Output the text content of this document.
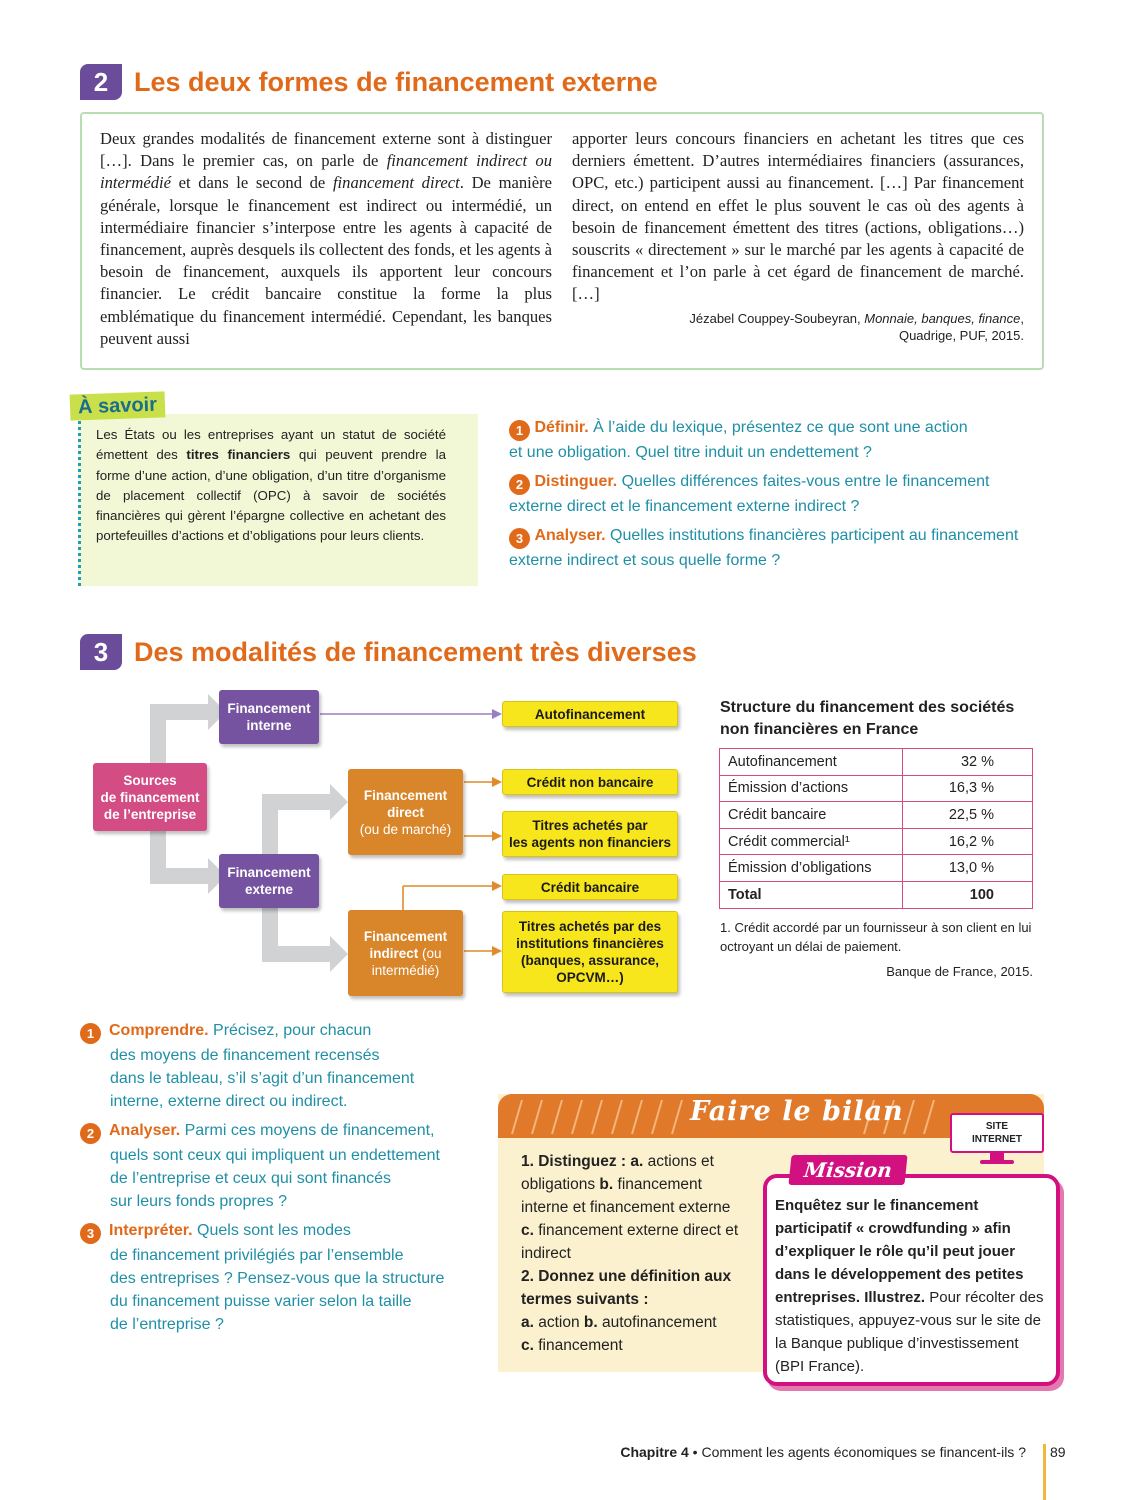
2 Les deux formes de financement externe
Deux grandes modalités de financement externe sont à distinguer […]. Dans le premier cas, on parle de financement indirect ou intermédié et dans le second de financement direct. De manière générale, lorsque le financement est indirect ou intermédié, un intermédiaire financier s’interpose entre les agents à capacité de financement, auprès desquels ils collectent des fonds, et les agents à besoin de financement, auxquels ils apportent leur concours financier. Le crédit bancaire constitue la forme la plus emblématique du financement intermédié. Cependant, les banques peuvent aussi
apporter leurs concours financiers en achetant les titres que ces derniers émettent. D’autres intermédiaires financiers (assurances, OPC, etc.) participent aussi au financement. […] Par financement direct, on entend en effet le plus souvent le cas où des agents à besoin de financement émettent des titres (actions, obligations…) souscrits « directement » sur le marché par les agents à capacité de financement et l’on parle à cet égard de financement de marché. […]
Jézabel Couppey-Soubeyran, Monnaie, banques, finance,
Quadrige, PUF, 2015.
À savoir
Les États ou les entreprises ayant un statut de société émettent des titres financiers qui peuvent prendre la forme d’une action, d’une obligation, d’un titre d’organisme de placement collectif (OPC) à savoir de sociétés financières qui gèrent l’épargne collective en achetant des portefeuilles d’actions et d’obligations pour leurs clients.
1 Définir. À l’aide du lexique, présentez ce que sont une action
et une obligation. Quel titre induit un endettement ?
2 Distinguer. Quelles différences faites-vous entre le financement
externe direct et le financement externe indirect ?
3 Analyser. Quelles institutions financières participent au financement
externe indirect et sous quelle forme ?
3 Des modalités de financement très diverses
Sources
de financement
de l’entreprise
Financement
interne
Financement
externe
Financement
direct
(ou de marché)
Financement
indirect (ou
intermédié)
Autofinancement
Crédit non bancaire
Titres achetés par
les agents non financiers
Crédit bancaire
Titres achetés par des
institutions financières
(banques, assurance,
OPCVM…)
Structure du financement des sociétés non financières en France
Autofinancement	32 %
Émission d’actions	16,3 %
Crédit bancaire	22,5 %
Crédit commercial¹	16,2 %
Émission d’obligations	13,0 %
Total	100
1. Crédit accordé par un fournisseur à son client en lui octroyant un délai de paiement.
Banque de France, 2015.
1 Comprendre. Précisez, pour chacun
des moyens de financement recensés
dans le tableau, s’il s’agit d’un financement
interne, externe direct ou indirect.
2 Analyser. Parmi ces moyens de financement,
quels sont ceux qui impliquent un endettement
de l’entreprise et ceux qui sont financés
sur leurs fonds propres ?
3 Interpréter. Quels sont les modes
de financement privilégiés par l’ensemble
des entreprises ? Pensez-vous que la structure
du financement puisse varier selon la taille
de l’entreprise ?
Faire le bilan	SITE
INTERNET
1. Distinguez : a. actions et obligations b. financement interne et financement externe c. financement externe direct et indirect
2. Donnez une définition aux termes suivants :
a. action b. autofinancement
c. financement
Mission
Enquêtez sur le financement participatif « crowdfunding » afin d’expliquer le rôle qu’il peut jouer dans le développement des petites entreprises. Illustrez. Pour récolter des statistiques, appuyez-vous sur le site de la Banque publique d’investissement (BPI France).
Chapitre 4 • Comment les agents économiques se financent-ils ?	89
